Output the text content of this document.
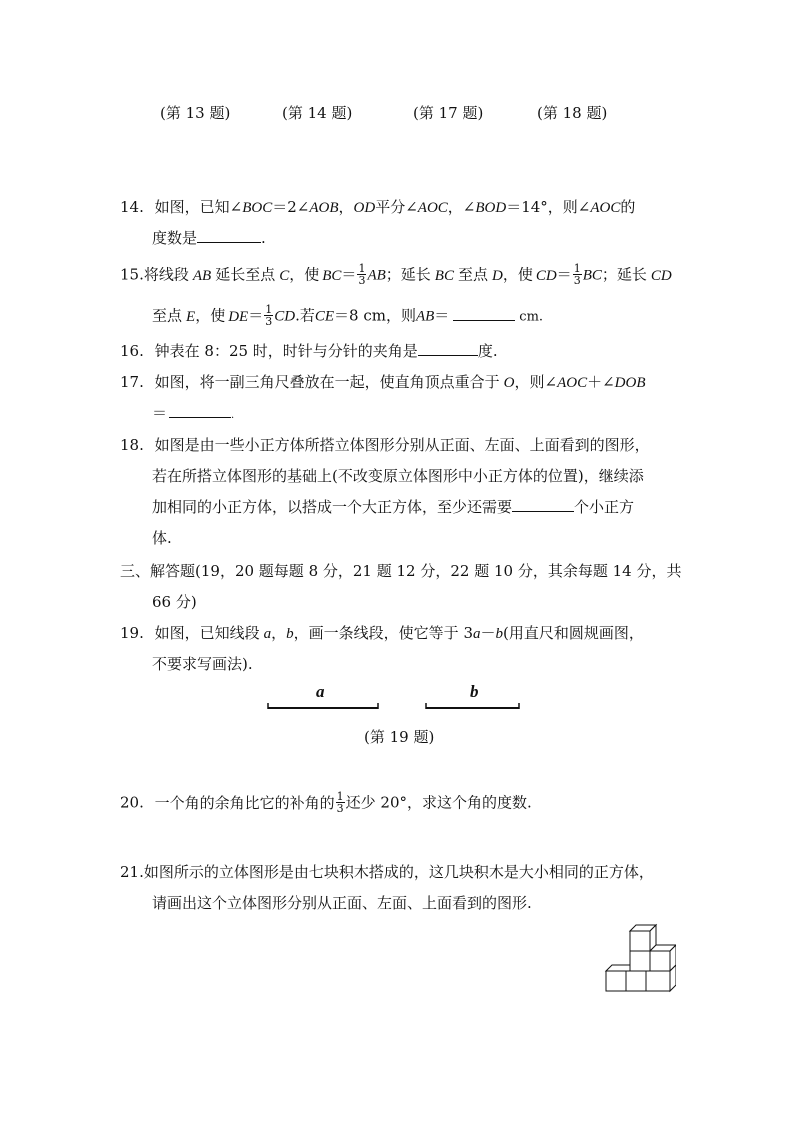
(第 13 题)	(第 14 题)	(第 17 题)	(第 18 题)
14. 如图，已知∠BOC＝2∠AOB，OD平分∠AOC，∠BOD＝14°，则∠AOC的
度数是	.
15.将线段 AB 延长至点 C，使 $BC= \frac{1}{3}$ AB；延长 BC 至点 D，使 $CD= \frac{1}{3}$ BC；延长 CD
至点 E，使 $DE= \frac{1}{3}$ CD.若CE＝8 cm，则AB＝	cm.
16. 钟表在 8：25 时，时针与分针的夹角是	度.
17. 如图，将一副三角尺叠放在一起，使直角顶点重合于 O，则∠AOC＋∠DOB
＝	.
18. 如图是由一些小正方体所搭立体图形分别从正面、左面、上面看到的图形，
若在所搭立体图形的基础上(不改变原立体图形中小正方体的位置)，继续添
加相同的小正方体，以搭成一个大正方体，至少还需要	个小正方
体.
三、解答题(19，20 题每题 8 分，21 题 12 分，22 题 10 分，其余每题 14 分，共
66 分)
19. 如图，已知线段 a，b，画一条线段，使它等于 3a－b(用直尺和圆规画图，
不要求写画法).
a	b
(第 19 题)
20. 一个角的余角比它的补角的 $\frac{1}{3}$ 还少 20°，求这个角的度数.
21.如图所示的立体图形是由七块积木搭成的，这几块积木是大小相同的正方体，
请画出这个立体图形分别从正面、左面、上面看到的图形.
